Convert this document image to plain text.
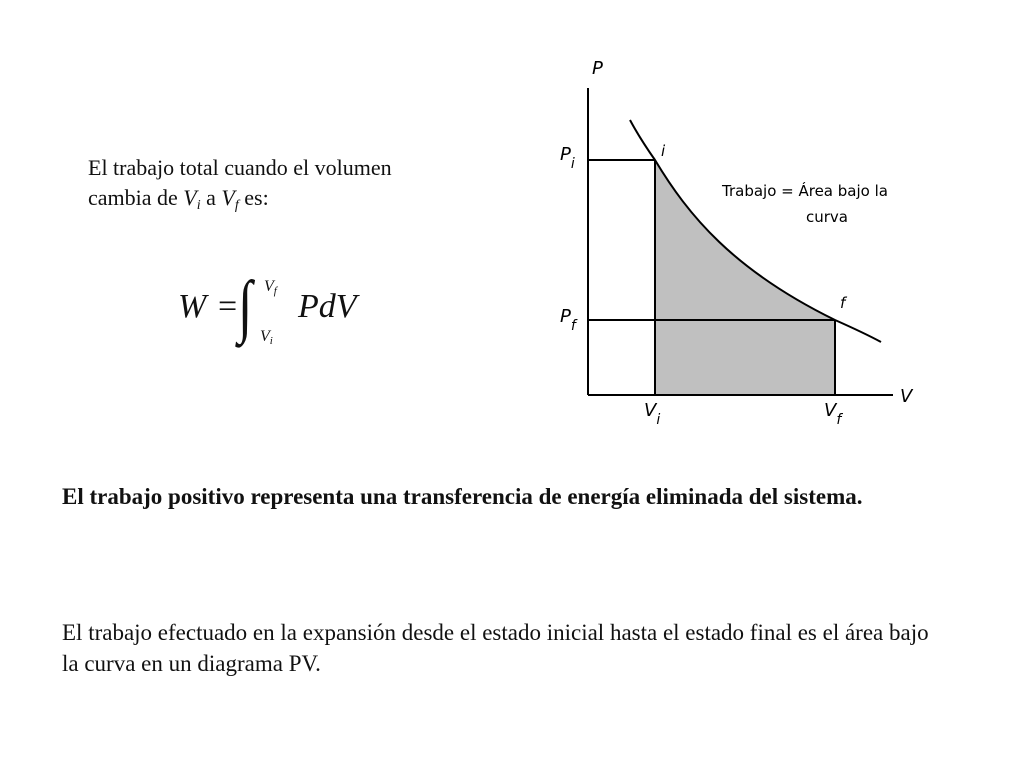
El trabajo total cuando el volumen
cambia de $V_i$ a $V_f$ es:
W = ∫ $V_f$
$V_i$
PdV
P
V
$P_i$
$P_f$
$V_i$	$V_f$
i
f
Trabajo = Área bajo la
curva
El trabajo positivo representa una transferencia de energía eliminada del sistema.
El trabajo efectuado en la expansión desde el estado inicial hasta el estado final es el área bajo la curva en un diagrama PV.
